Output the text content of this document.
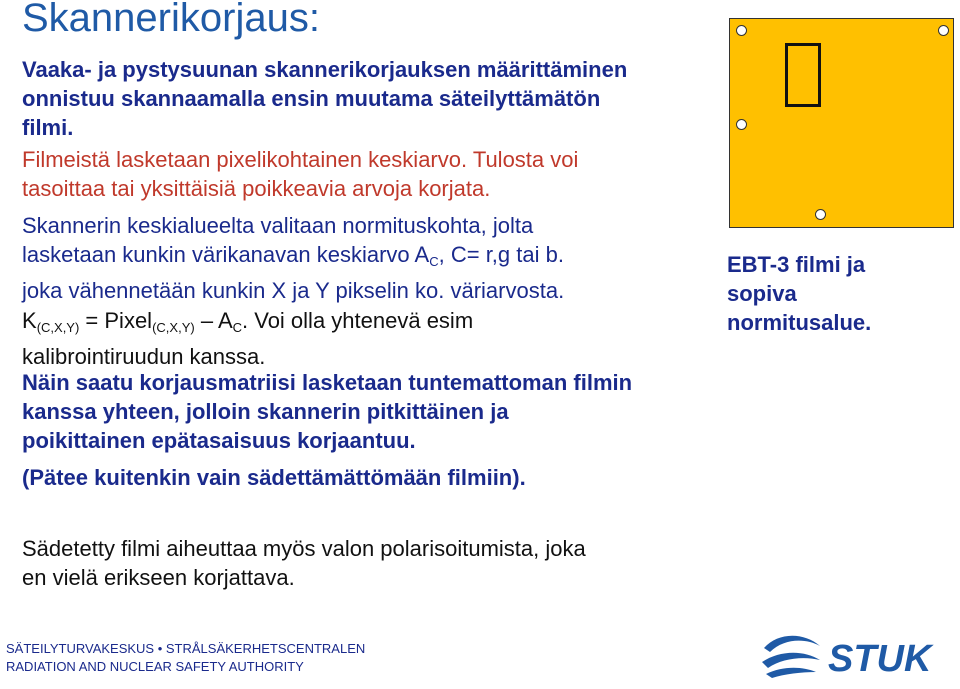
Skannerikorjaus:
Vaaka- ja pystysuunan skannerikorjauksen määrittäminen
onnistuu skannaamalla ensin muutama säteilyttämätön
filmi.
Filmeistä lasketaan pixelikohtainen keskiarvo. Tulosta voi
tasoittaa tai yksittäisiä poikkeavia arvoja korjata.
Skannerin keskialueelta valitaan normituskohta, jolta
lasketaan kunkin värikanavan keskiarvo $A_C$, C= r,g tai b.
joka vähennetään kunkin X ja Y pikselin ko. väriarvosta.
$K_{(C,X,Y)}$ = Pixel$_{(C,X,Y)}$ – $A_C$. Voi olla yhtenevä esim
kalibrointiruudun kanssa.
Näin saatu korjausmatriisi lasketaan tuntemattoman filmin
kanssa yhteen, jolloin skannerin pitkittäinen ja
poikittainen epätasaisuus korjaantuu.
(Pätee kuitenkin vain sädettämättömään filmiin).
Sädetetty filmi aiheuttaa myös valon polarisoitumista, joka
en vielä erikseen korjattava.
EBT-3 filmi ja
sopiva
normitusalue.
SÄTEILYTURVAKESKUS • STRÅLSÄKERHETSCENTRALEN
RADIATION AND NUCLEAR SAFETY AUTHORITY	STUK
